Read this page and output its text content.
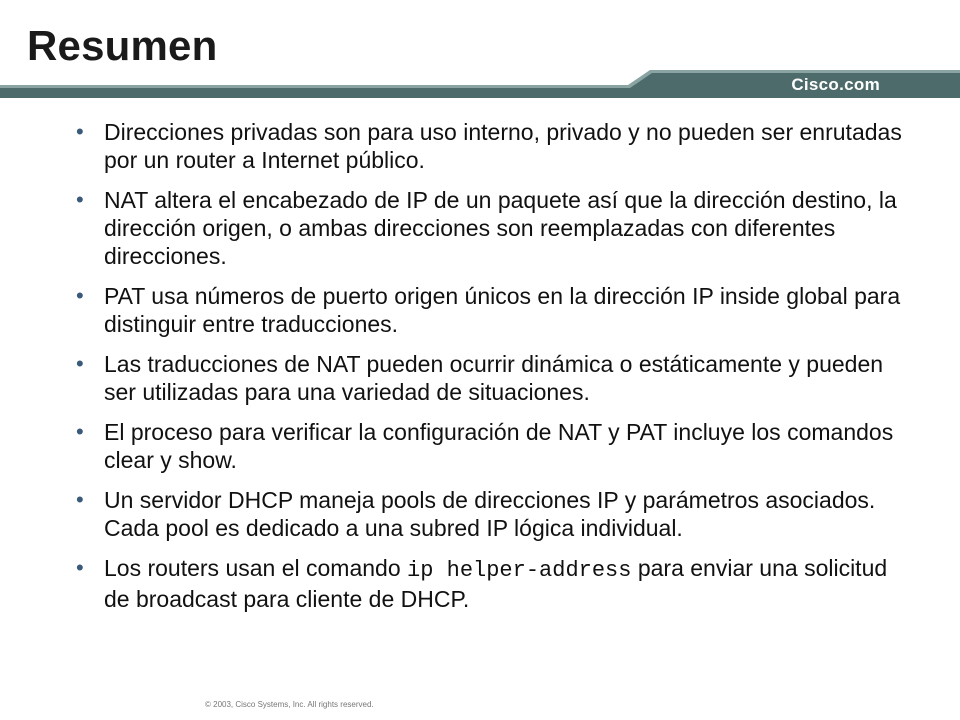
Resumen
Cisco.com
• Direcciones privadas son para uso interno, privado y no pueden ser enrutadas por un router a Internet público.
• NAT altera el encabezado de IP de un paquete así que la dirección destino, la dirección origen, o ambas direcciones son reemplazadas con diferentes direcciones.
• PAT usa números de puerto origen únicos en la dirección IP inside global para distinguir entre traducciones.
• Las traducciones de NAT pueden ocurrir dinámica o estáticamente y pueden ser utilizadas para una variedad de situaciones.
• El proceso para verificar la configuración de NAT y PAT incluye los comandos clear y show.
• Un servidor DHCP maneja pools de direcciones IP y parámetros asociados. Cada pool es dedicado a una subred IP lógica individual.
• Los routers usan el comando ip helper-address para enviar una solicitud de broadcast para cliente de DHCP.
© 2003, Cisco Systems, Inc. All rights reserved.
